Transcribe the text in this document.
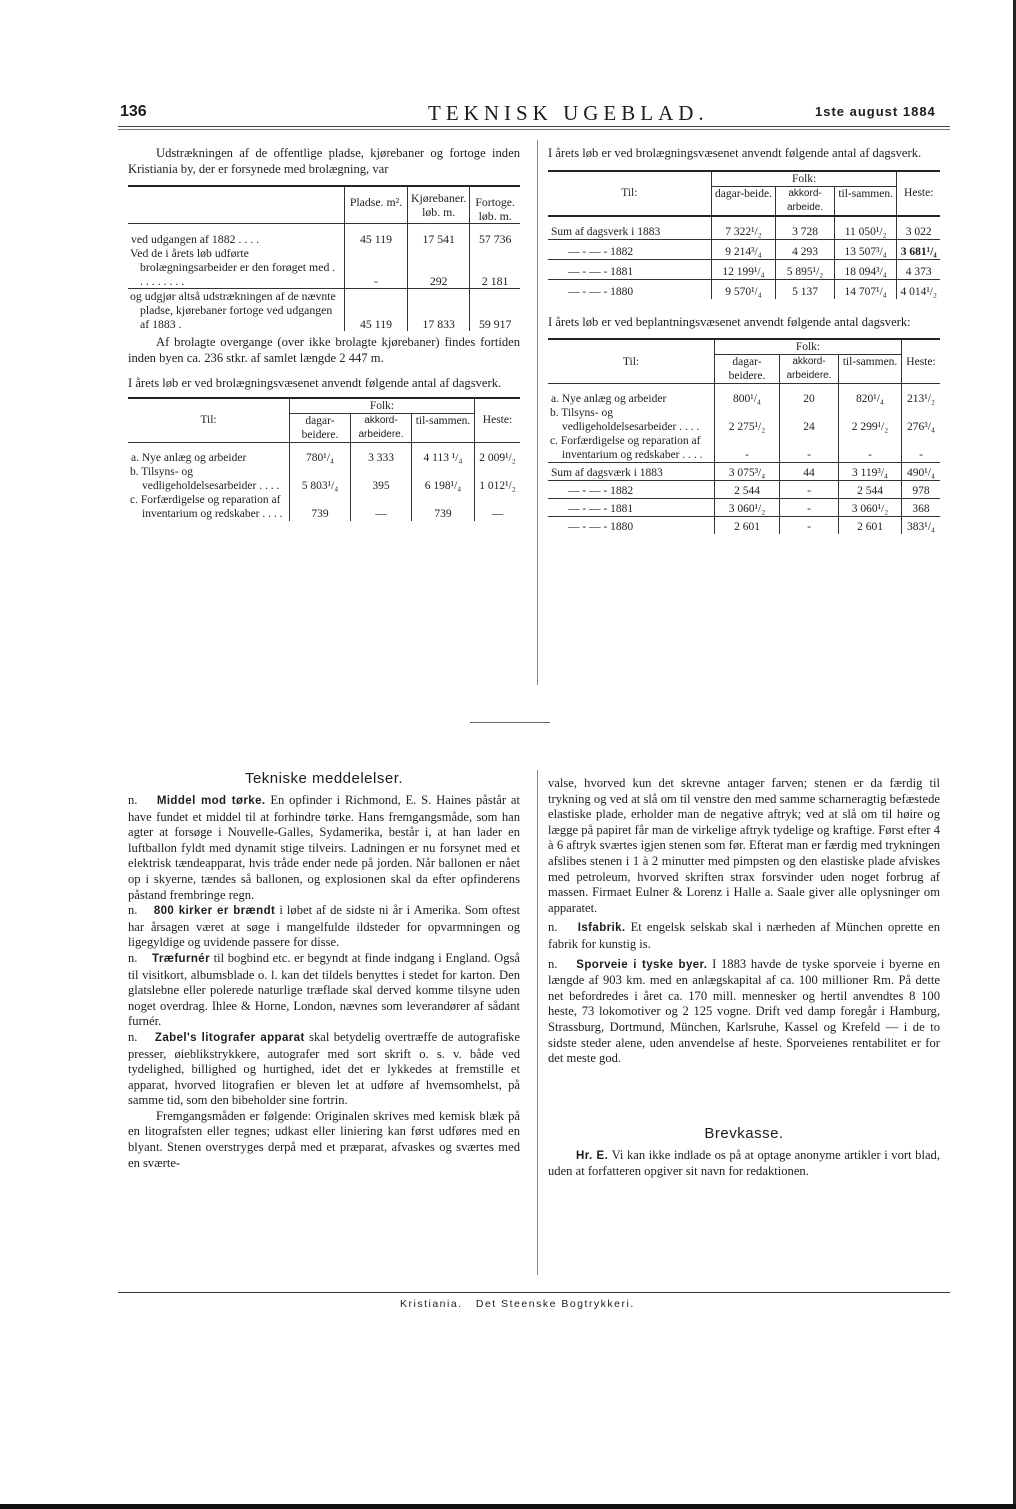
136	TEKNISK UGEBLAD.	1ste august 1884

Udstrækningen af de offentlige pladse, kjørebaner og fortoge inden Kristiania by, der er forsynede med brolægning, var

	Pladse. m².	Kjørebaner. løb. m.	Fortoge. løb. m.

ved udgangen af 1882 . . . .	45 119	17 541	57 736
Ved de i årets løb udførte brolægningsarbeider er den forøget med . . . . . . . . .	-	292	2 181
og udgjør altså udstrækningen af de nævnte pladse, kjørebaner fortoge ved udgangen af 1883 .	45 119	17 833	59 917

Af brolagte overgange (over ikke brolagte kjørebaner) findes fortiden inden byen ca. 236 stkr. af samlet længde 2 447 m.

I årets løb er ved brolægningsvæsenet anvendt følgende antal af dagsverk.

Til:	Folk:			Heste:
	dagar-beidere.	akkord-arbeidere.	til-sammen.	

a. Nye anlæg og arbeider	780¹/₄	3 333	4 113 ¹/₄	2 009¹/₂
b. Tilsyns- og vedligeholdelsesarbeider . . . .	5 803¹/₄	395	6 198¹/₄	1 012¹/₂
c. Forfærdigelse og reparation af inventarium og redskaber . . . .	739	—	739	—

I årets løb er ved brolægningsvæsenet anvendt følgende antal af dagsverk.

Til:	Folk:			Heste:
	dagar-beide.	akkord-arbeide.	til-sammen.	

Sum af dagsverk i 1883	7 322¹/₂	3 728	11 050¹/₂	3 022
— - — - 1882	9 214³/₄	4 293	13 507³/₄	3 681¹/₄
— - — - 1881	12 199¹/₄	5 895¹/₂	18 094³/₄	4 373
— - — - 1880	9 570¹/₄	5 137	14 707¹/₄	4 014¹/₂

I årets løb er ved beplantningsvæsenet anvendt følgende antal dagsverk:

Til:	Folk:			Heste:
	dagar-beidere.	akkord-arbeidere.	til-sammen.	

a. Nye anlæg og arbeider	800¹/₄	20	820¹/₄	213¹/₂
b. Tilsyns- og vedligeholdelsesarbeider . . . .	2 275¹/₂	24	2 299¹/₂	276³/₄
c. Forfærdigelse og reparation af inventarium og redskaber . . . .	-	-	-	-
Sum af dagsværk i 1883	3 075³/₄	44	3 119³/₄	490¹/₄
— - — - 1882	2 544	-	2 544	978
— - — - 1881	3 060¹/₂	-	3 060¹/₂	368
— - — - 1880	2 601	-	2 601	383¹/₄
Tekniske meddelelser.

n. Middel mod tørke. En opfinder i Richmond, E. S. Haines påstår at have fundet et middel til at forhindre tørke. Hans fremgangsmåde, som han agter at forsøge i Nouvelle-Galles, Sydamerika, består i, at han lader en luftballon fyldt med dynamit stige tilveirs. Ladningen er nu forsynet med et elektrisk tændeapparat, hvis tråde ender nede på jorden. Når ballonen er nået op i skyerne, tændes så ballonen, og explosionen skal da efter opfinderens påstand frembringe regn.

n. 800 kirker er brændt i løbet af de sidste ni år i Amerika. Som oftest har årsagen været at søge i mangelfulde ildsteder for opvarmningen og ligegyldige og uvidende passere for disse.

n. Træfurnér til bogbind etc. er begyndt at finde indgang i England. Også til visitkort, albumsblade o. l. kan det tildels benyttes i stedet for karton. Den glatslebne eller polerede naturlige træflade skal derved komme tilsyne uden noget overdrag. Ihlee & Horne, London, nævnes som leverandører af sådant furnér.

n. Zabel's litografer apparat skal betydelig overtræffe de autografiske presser, øieblikstrykkere, autografer med sort skrift o. s. v. både ved tydelighed, billighed og hurtighed, idet det er lykkedes at fremstille et apparat, hvorved litografien er bleven let at udføre af hvemsomhelst, på samme tid, som den bibeholder sine fortrin.

Fremgangsmåden er følgende: Originalen skrives med kemisk blæk på en litografsten eller tegnes; udkast eller liniering kan først udføres med en blyant. Stenen overstryges derpå med et præparat, afvaskes og sværtes med en sværte-

valse, hvorved kun det skrevne antager farven; stenen er da færdig til trykning og ved at slå om til venstre den med samme scharneragtig befæstede elastiske plade, erholder man de negative aftryk; ved at slå om til høire og lægge på papiret får man de virkelige aftryk tydelige og kraftige. Først efter 4 à 6 aftryk sværtes igjen stenen som før. Efterat man er færdig med trykningen afslibes stenen i 1 à 2 minutter med pimpsten og den elastiske plade afviskes med petroleum, hvorved skriften strax forsvinder uden noget forbrug af massen. Firmaet Eulner & Lorenz i Halle a. Saale giver alle oplysninger om apparatet.

n. Isfabrik. Et engelsk selskab skal i nærheden af München oprette en fabrik for kunstig is.

n. Sporveie i tyske byer. I 1883 havde de tyske sporveie i byerne en længde af 903 km. med en anlægskapital af ca. 100 millioner Rm. På dette net befordredes i året ca. 170 mill. mennesker og hertil anvendtes 8 100 heste, 73 lokomotiver og 2 125 vogne. Drift ved damp foregår i Hamburg, Strassburg, Dortmund, München, Karlsruhe, Kassel og Krefeld — i de to sidste steder alene, uden anvendelse af heste. Sporveienes rentabilitet er for det meste god.

Brevkasse.

Hr. E. Vi kan ikke indlade os på at optage anonyme artikler i vort blad, uden at forfatteren opgiver sit navn for redaktionen.

Kristiania. Det Steenske Bogtrykkeri.
